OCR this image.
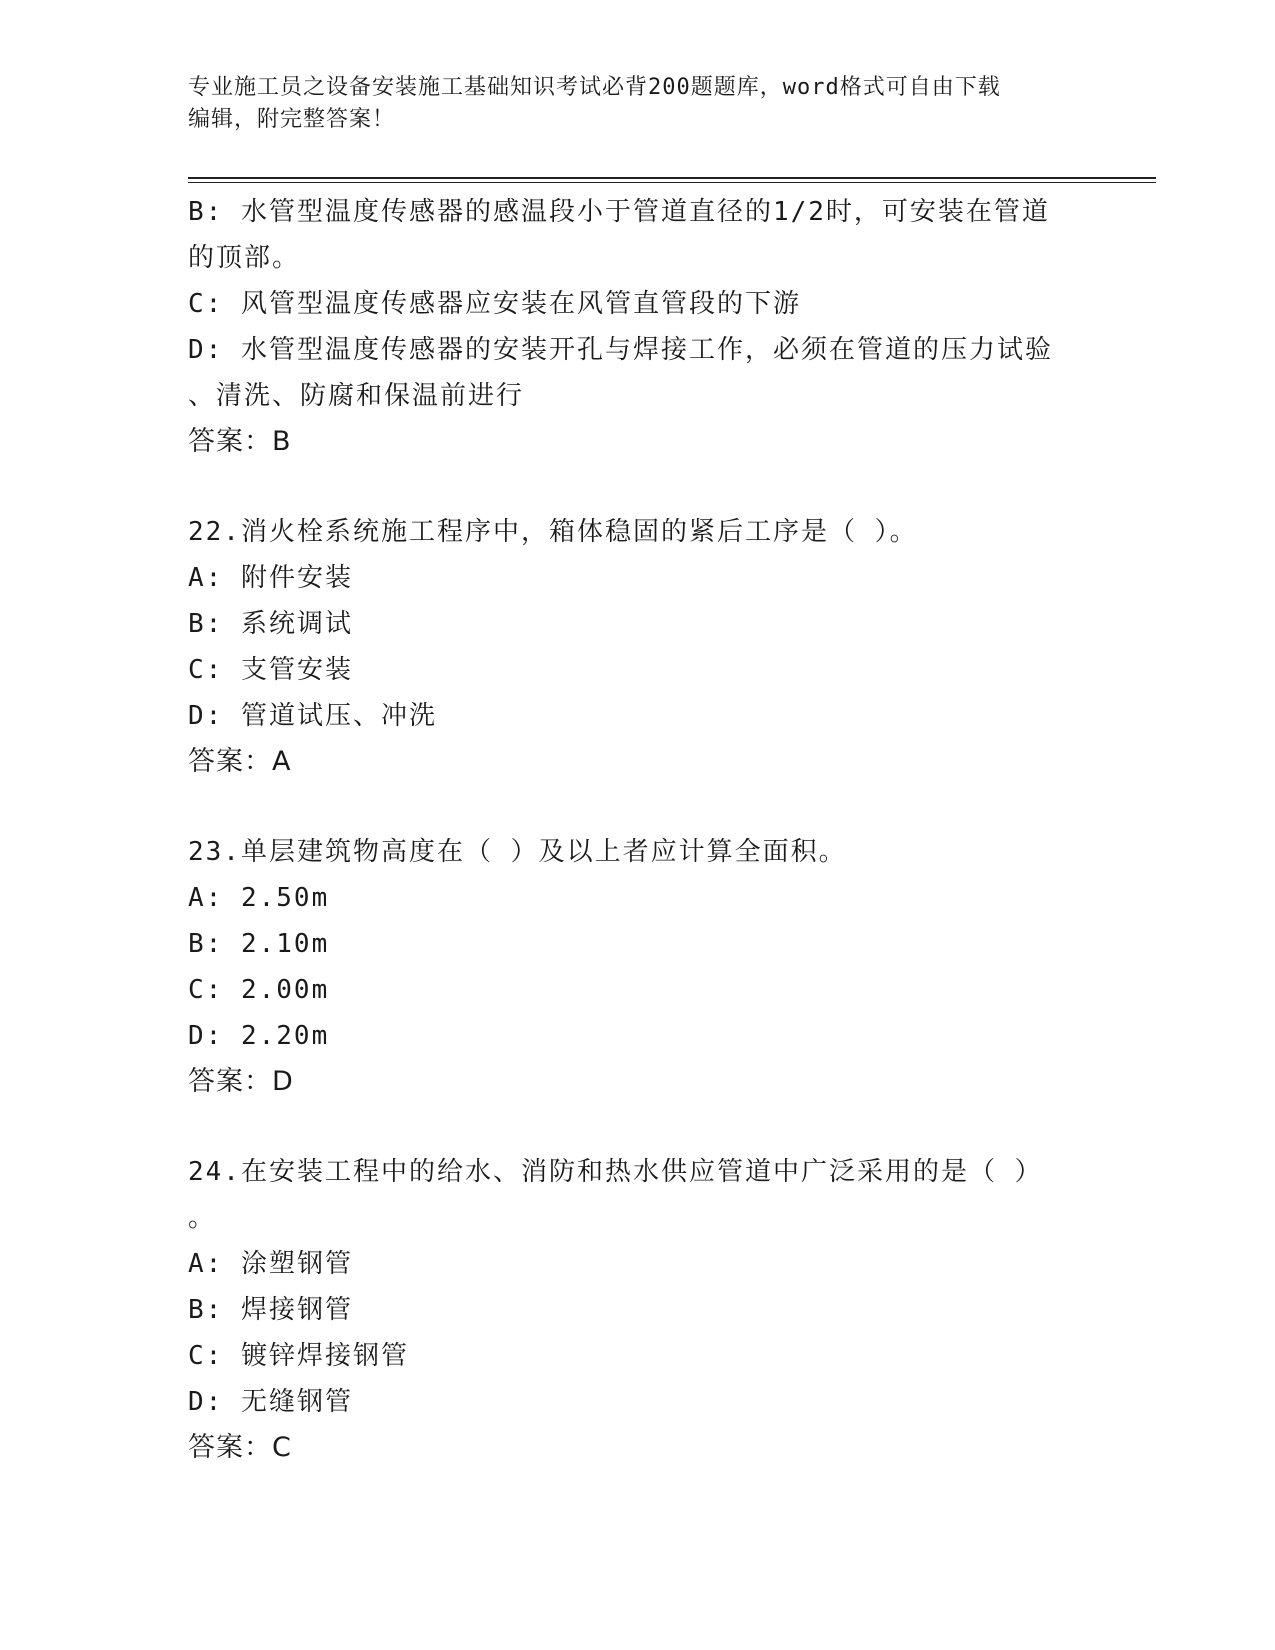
专业施工员之设备安装施工基础知识考试必背200题题库，word格式可自由下载
编辑，附完整答案！
B: 水管型温度传感器的感温段小于管道直径的1/2时，可安装在管道
的顶部。
C: 风管型温度传感器应安装在风管直管段的下游
D: 水管型温度传感器的安装开孔与焊接工作，必须在管道的压力试验
、清洗、防腐和保温前进行
答案：B
22.消火栓系统施工程序中，箱体稳固的紧后工序是（ ）。
A: 附件安装
B: 系统调试
C: 支管安装
D: 管道试压、冲洗
答案：A
23.单层建筑物高度在（ ）及以上者应计算全面积。
A: 2.50m
B: 2.10m
C: 2.00m
D: 2.20m
答案：D
24.在安装工程中的给水、消防和热水供应管道中广泛采用的是（ ）
。
A: 涂塑钢管
B: 焊接钢管
C: 镀锌焊接钢管
D: 无缝钢管
答案：C
